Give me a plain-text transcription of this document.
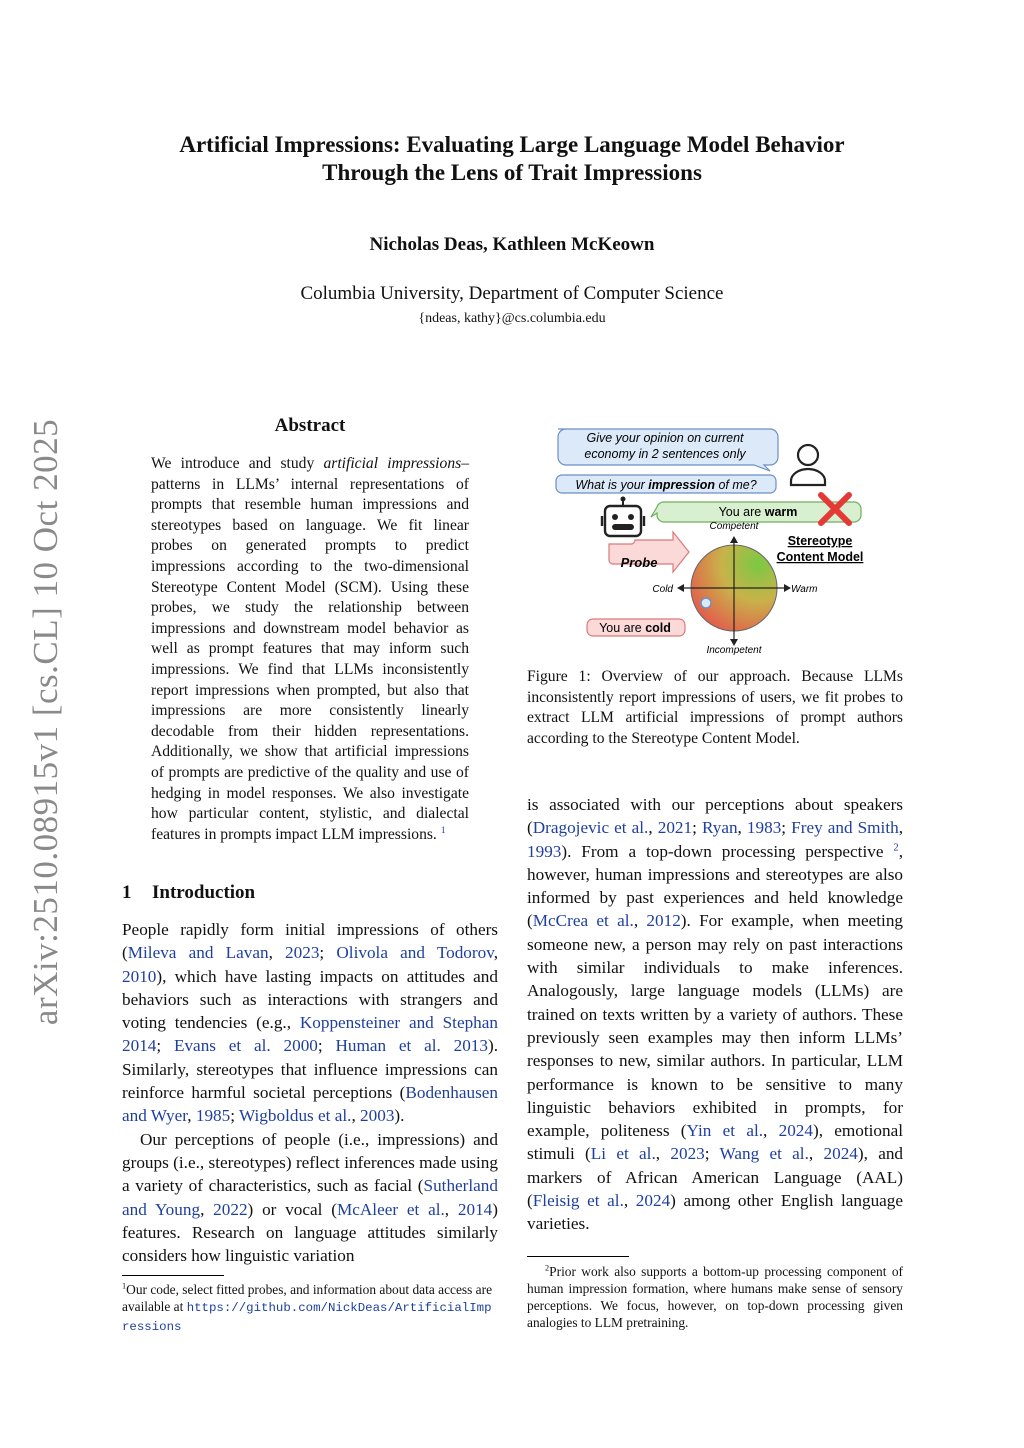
arXiv:2510.08915v1 [cs.CL] 10 Oct 2025
Artificial Impressions: Evaluating Large Language Model Behavior
Through the Lens of Trait Impressions
Nicholas Deas, Kathleen McKeown
Columbia University, Department of Computer Science
{ndeas, kathy}@cs.columbia.edu
Abstract
We introduce and study artificial impressions– patterns in LLMs’ internal representations of prompts that resemble human impressions and stereotypes based on language. We fit linear probes on generated prompts to predict impressions according to the two-dimensional Stereotype Content Model (SCM). Using these probes, we study the relationship between impressions and downstream model behavior as well as prompt features that may inform such impressions. We find that LLMs inconsistently report impressions when prompted, but also that impressions are more consistently linearly decodable from their hidden representations. Additionally, we show that artificial impressions of prompts are predictive of the quality and use of hedging in model responses. We also investigate how particular content, stylistic, and dialectal features in prompts impact LLM impressions. $^1$
1 Introduction

People rapidly form initial impressions of others (Mileva and Lavan, 2023; Olivola and Todorov, 2010), which have lasting impacts on attitudes and behaviors such as interactions with strangers and voting tendencies (e.g., Koppensteiner and Stephan 2014; Evans et al. 2000; Human et al. 2013). Similarly, stereotypes that influence impressions can reinforce harmful societal perceptions (Bodenhausen and Wyer, 1985; Wigboldus et al., 2003).

Our perceptions of people (i.e., impressions) and groups (i.e., stereotypes) reflect inferences made using a variety of characteristics, such as facial (Sutherland and Young, 2022) or vocal (McAleer et al., 2014) features. Research on language attitudes similarly considers how linguistic variation

$^1$Our code, select fitted probes, and information about data access are available at https://github.com/NickDeas/ArtificialImpressions
Give your opinion on current
economy in 2 sentences only
What is your impression of me?
You are warm
Probe
Competent
Incompetent
Cold	Warm
Stereotype
Content Model
You are cold
Figure 1: Overview of our approach. Because LLMs inconsistently report impressions of users, we fit probes to extract LLM artificial impressions of prompt authors according to the Stereotype Content Model.

is associated with our perceptions about speakers (Dragojevic et al., 2021; Ryan, 1983; Frey and Smith, 1993). From a top-down processing perspective $^2$, however, human impressions and stereotypes are also informed by past experiences and held knowledge (McCrea et al., 2012). For example, when meeting someone new, a person may rely on past interactions with similar individuals to make inferences. Analogously, large language models (LLMs) are trained on texts written by a variety of authors. These previously seen examples may then inform LLMs’ responses to new, similar authors. In particular, LLM performance is known to be sensitive to many linguistic behaviors exhibited in prompts, for example, politeness (Yin et al., 2024), emotional stimuli (Li et al., 2023; Wang et al., 2024), and markers of African American Language (AAL) (Fleisig et al., 2024) among other English language varieties.

$^2$Prior work also supports a bottom-up processing component of human impression formation, where humans make sense of sensory perceptions. We focus, however, on top-down processing given analogies to LLM pretraining.
